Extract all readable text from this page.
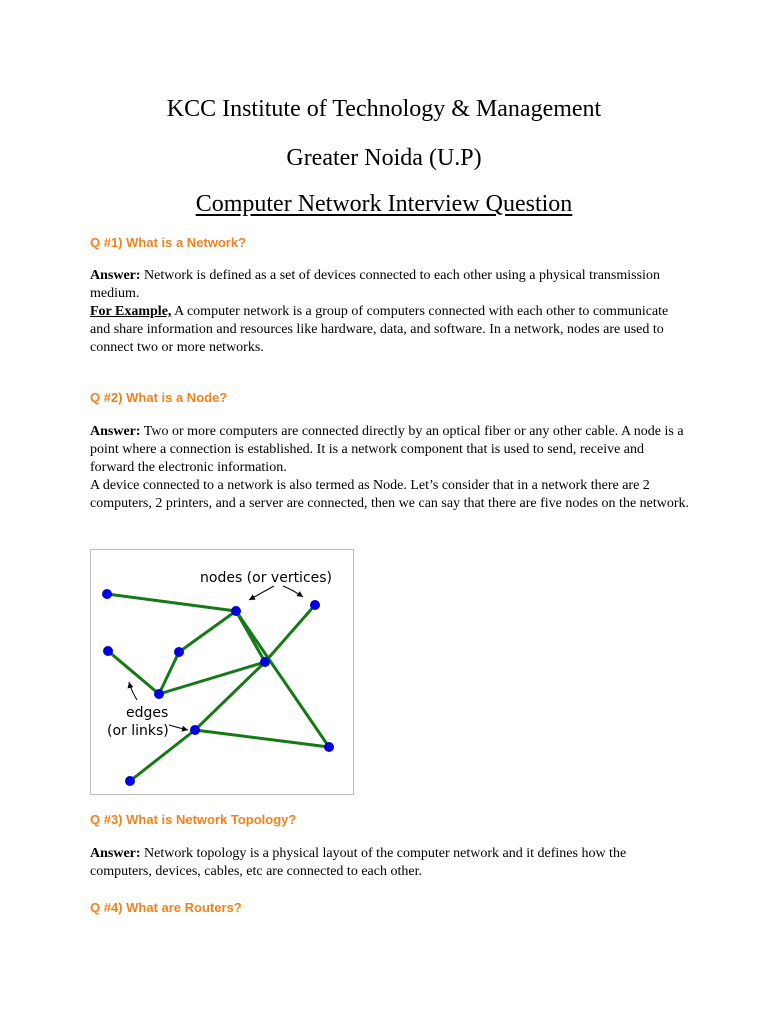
KCC Institute of Technology & Management
Greater Noida (U.P)
Computer Network Interview Question

Q #1) What is a Network?

Answer: Network is defined as a set of devices connected to each other using a physical transmission medium.

For Example, A computer network is a group of computers connected with each other to communicate and share information and resources like hardware, data, and software. In a network, nodes are used to connect two or more networks.

Q #2) What is a Node?

Answer: Two or more computers are connected directly by an optical fiber or any other cable. A node is a point where a connection is established. It is a network component that is used to send, receive and forward the electronic information.

A device connected to a network is also termed as Node. Let’s consider that in a network there are 2 computers, 2 printers, and a server are connected, then we can say that there are five nodes on the network.

nodes (or vertices)
edges
(or links)

Q #3) What is Network Topology?

Answer: Network topology is a physical layout of the computer network and it defines how the computers, devices, cables, etc are connected to each other.

Q #4) What are Routers?
